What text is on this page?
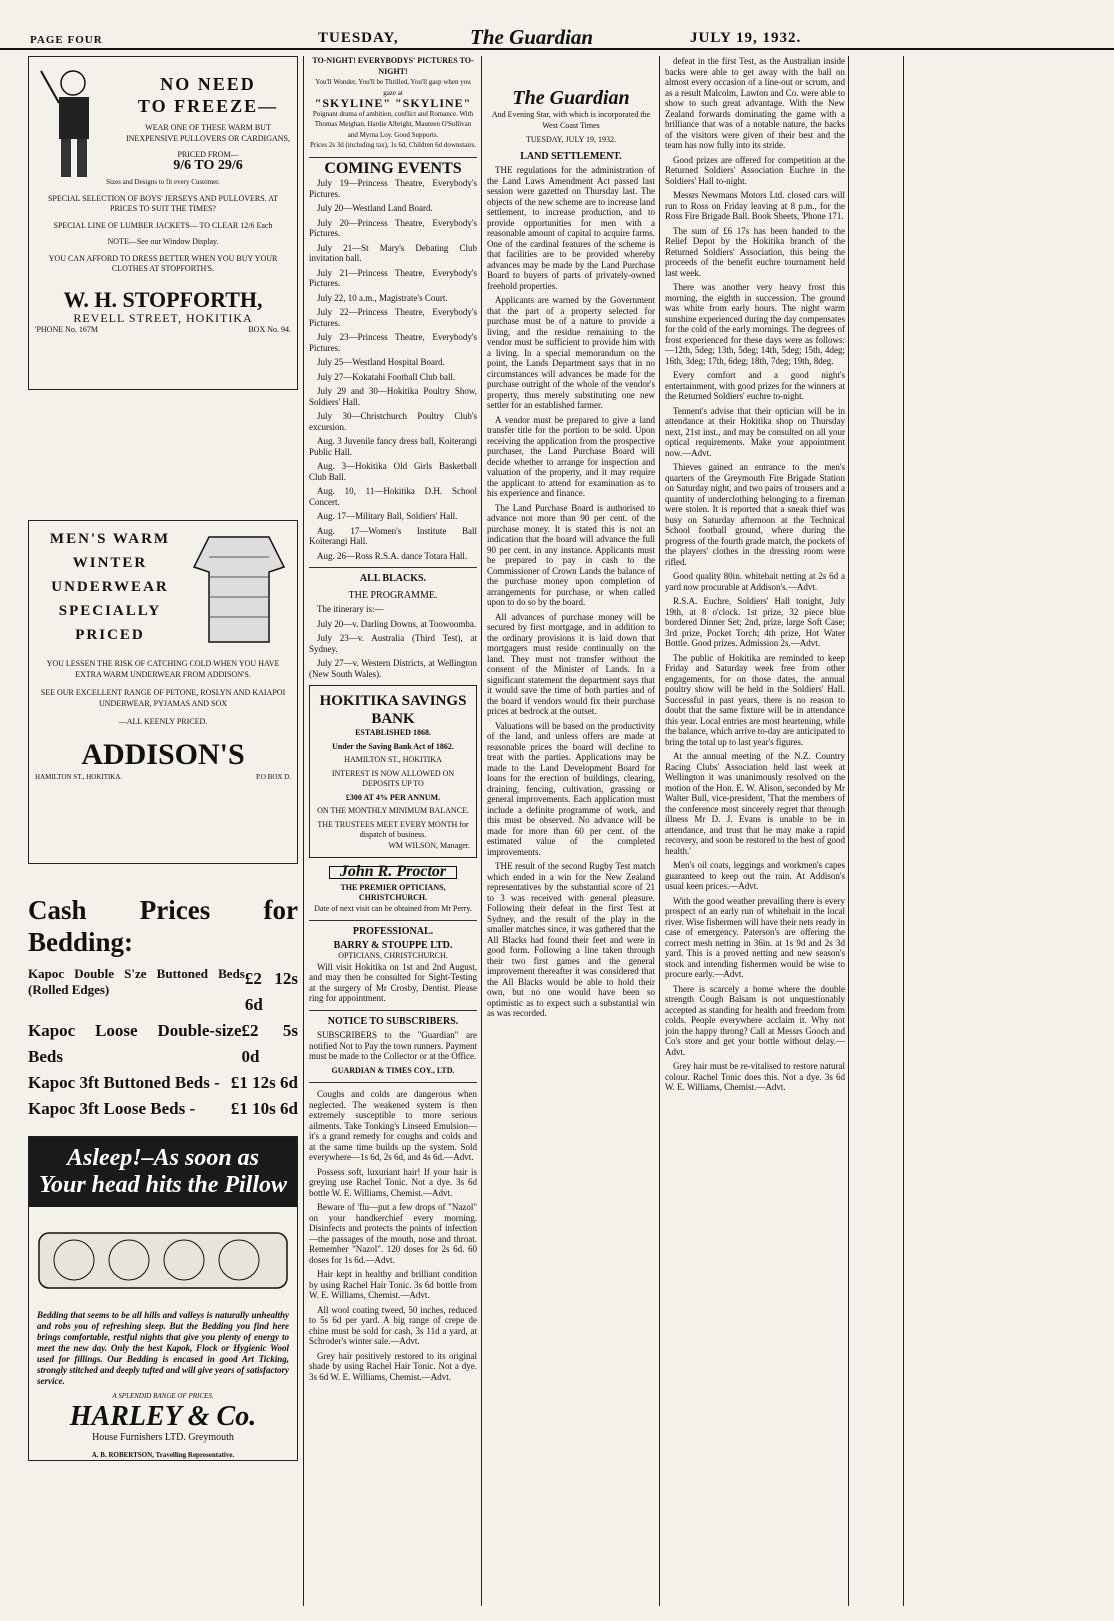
PAGE FOUR	TUESDAY,	The Guardian	JULY 19, 1932.
NO NEED
TO FREEZE—
WEAR ONE OF THESE WARM BUT INEXPENSIVE PULLOVERS OR CARDIGANS,
PRICED FROM—
9/6 TO 29/6
Sizes and Designs to fit every Customer.
SPECIAL SELECTION OF BOYS' JERSEYS AND PULLOVERS. AT PRICES TO SUIT THE TIMES?
SPECIAL LINE OF LUMBER JACKETS— TO CLEAR 12/6 Each
NOTE—See our Window Display.
YOU CAN AFFORD TO DRESS BETTER WHEN YOU BUY YOUR CLOTHES AT STOPFORTH'S.
W. H. STOPFORTH,
REVELL STREET, HOKITIKA
'PHONE No. 167M	BOX No. 94.
MEN'S WARM
WINTER
UNDERWEAR
SPECIALLY
PRICED
YOU LESSEN THE RISK OF CATCHING COLD WHEN YOU HAVE EXTRA WARM UNDERWEAR FROM ADDISON'S.
SEE OUR EXCELLENT RANGE OF PETONE, ROSLYN AND KAIAPOI UNDERWEAR, PYJAMAS AND SOX
—ALL KEENLY PRICED.
ADDISON'S
HAMILTON ST., HOKITIKA.	P.O BOX D.
Cash Prices for Bedding:
Kapoc Double S'ze Buttoned Beds (Rolled Edges)
£2 12s 6d
Kapoc Loose Double-size Beds
£2 5s 0d
Kapoc 3ft Buttoned Beds - £1 12s 6d
Kapoc 3ft Loose Beds - £1 10s 6d
Asleep!–As soon as
Your head hits the Pillow
Bedding that seems to be all hills and valleys is naturally unhealthy and robs you of refreshing sleep. But the Bedding you find here brings comfortable, restful nights that give you plenty of energy to meet the new day. Only the best Kapok, Flock or Hygienic Wool used for fillings. Our Bedding is encased in good Art Ticking, strongly stitched and deeply tufted and will give years of satisfactory service.
A SPLENDID RANGE OF PRICES.
HARLEY & Co.
House Furnishers LTD. Greymouth
A. B. ROBERTSON, Travelling Representative.
TO-NIGHT! EVERYBODYS' PICTURES TO-NIGHT!
You'll Wonder, You'll be Thrilled, You'll gasp when you gaze at
"SKYLINE" "SKYLINE"
Poignant drama of ambition, conflict and Romance. With Thomas Meighan, Hardie Albright, Maureen O'Sullivan and Myrna Loy. Good Supports.
Prices 2s 3d (including tax), 1s 6d, Children 6d downstairs.
COMING EVENTS

July 19—Princess Theatre, Everybody's Pictures.

July 20—Westland Land Board.

July 20—Princess Theatre, Everybody's Pictures.

July 21—St Mary's Debating Club invitation ball.

July 21—Princess Theatre, Everybody's Pictures.

July 22, 10 a.m., Magistrate's Court.

July 22—Princess Theatre, Everybody's Pictures.

July 23—Princess Theatre, Everybody's Pictures.

July 25—Westland Hospital Board.

July 27—Kokatahi Football Club ball.

July 29 and 30—Hokitika Poultry Show, Soldiers' Hall.

July 30—Christchurch Poultry Club's excursion.

Aug. 3 Juvenile fancy dress ball, Koiterangi Public Hall.

Aug. 3—Hokitika Old Girls Basketball Club Ball.

Aug. 10, 11—Hokitika D.H. School Concert.

Aug. 17—Military Ball, Soldiers' Hall.

Aug. 17—Women's Institute Ball Koiterangi Hall.

Aug. 26—Ross R.S.A. dance Totara Hall.

ALL BLACKS.
THE PROGRAMME.

The itinerary is:—

July 20—v. Darling Downs, at Toowoomba.

July 23—v. Australia (Third Test), at Sydney.

July 27—v. Western Districts, at Wellington (New South Wales).

HOKITIKA SAVINGS BANK
ESTABLISHED 1868.
Under the Saving Bank Act of 1862.
HAMILTON ST., HOKITIKA
INTEREST IS NOW ALLOWED ON DEPOSITS UP TO
£300 AT 4% PER ANNUM.
ON THE MONTHLY MINIMUM BALANCE.
THE TRUSTEES MEET EVERY MONTH for dispatch of business.
WM WILSON, Manager.
John R. Proctor
THE PREMIER OPTICIANS, CHRISTCHURCH.
Date of next visit can be obtained from Mr Perry.
PROFESSIONAL.
BARRY & STOUPPE LTD.
OPTICIANS, CHRISTCHURCH.

Will visit Hokitika on 1st and 2nd August, and may then be consulted for Sight-Testing at the surgery of Mr Crosby, Dentist. Please ring for appointment.

NOTICE TO SUBSCRIBERS.

SUBSCRIBERS to the "Guardian" are notified Not to Pay the town runners. Payment must be made to the Collector or at the Office.

GUARDIAN & TIMES COY., LTD.

Coughs and colds are dangerous when neglected. The weakened system is then extremely susceptible to more serious ailments. Take Tonking's Linseed Emulsion—it's a grand remedy for coughs and colds and at the same time builds up the system. Sold everywhere—1s 6d, 2s 6d, and 4s 6d.—Advt.

Possess soft, luxuriant hair! If your hair is greying use Rachel Tonic. Not a dye. 3s 6d bottle W. E. Williams, Chemist.—Advt.

Beware of 'flu—put a few drops of "Nazol" on your handkerchief every morning. Disinfects and protects the points of infection—the passages of the mouth, nose and throat. Remember "Nazol". 120 doses for 2s 6d. 60 doses for 1s 6d.—Advt.

Hair kept in healthy and brilliant condition by using Rachel Hair Tonic. 3s 6d bottle from W. E. Williams, Chemist.—Advt.

All wool coating tweed, 50 inches, reduced to 5s 6d per yard. A big range of crepe de chine must be sold for cash, 3s 11d a yard, at Schroder's winter sale.—Advt.

Grey hair positively restored to its original shade by using Rachel Hair Tonic. Not a dye. 3s 6d W. E. Williams, Chemist.—Advt.

The Guardian
And Evening Star, with which is incorporated the West Coast Times
TUESDAY, JULY 19, 1932.
LAND SETTLEMENT.

THE regulations for the administration of the Land Laws Amendment Act passed last session were gazetted on Thursday last. The objects of the new scheme are to increase land settlement, to increase production, and to provide opportunities for men with a reasonable amount of capital to acquire farms. One of the cardinal features of the scheme is that facilities are to be provided whereby advances may be made by the Land Purchase Board to buyers of parts of privately-owned freehold properties.

Applicants are warned by the Government that the part of a property selected for purchase must be of a nature to provide a living, and the residue remaining to the vendor must be sufficient to provide him with a living. In a special memorandum on the point, the Lands Department says that in no circumstances will advances be made for the purchase outright of the whole of the vendor's property, thus merely substituting one new settler for an established farmer.

A vendor must be prepared to give a land transfer title for the portion to be sold. Upon receiving the application from the prospective purchaser, the Land Purchase Board will decide whether to arrange for inspection and valuation of the property, and it may require the applicant to attend for examination as to his experience and finance.

The Land Purchase Board is authorised to advance not more than 90 per cent. of the purchase money. It is stated this is not an indication that the board will advance the full 90 per cent. in any instance. Applicants must be prepared to pay in cash to the Commissioner of Crown Lands the balance of the purchase money upon completion of arrangements for purchase, or when called upon to do so by the board.

All advances of purchase money will be secured by first mortgage, and in addition to the ordinary provisions it is laid down that mortgagers must reside continually on the land. They must not transfer without the consent of the Minister of Lands. In a significant statement the department says that it would save the time of both parties and of the board if vendors would fix their purchase prices at bedrock at the outset.

Valuations will be based on the productivity of the land, and unless offers are made at reasonable prices the board will decline to treat with the parties. Applications may be made to the Land Development Board for loans for the erection of buildings, clearing, draining, fencing, cultivation, grassing or general improvements. Each application must include a definite programme of work, and this must be observed. No advance will be made for more than 60 per cent. of the estimated value of the completed improvements.

THE result of the second Rugby Test match which ended in a win for the New Zealand representatives by the substantial score of 21 to 3 was received with general pleasure. Following their defeat in the first Test at Sydney, and the result of the play in the smaller matches since, it was gathered that the All Blacks had found their feet and were in good form. Following a line taken through their two first games and the general improvement thereafter it was considered that the All Blacks would be able to hold their own, but no one would have been so optimistic as to expect such a substantial win as was recorded.

defeat in the first Test, as the Australian inside backs were able to get away with the ball on almost every occasion of a line-out or scrum, and as a result Malcolm, Lawton and Co. were able to show to such great advantage. With the New Zealand forwards dominating the game with a brilliance that was of a notable nature, the backs of the visitors were given of their best and the team has now fully into its stride.

Good prizes are offered for competition at the Returned Soldiers' Association Euchre in the Soldiers' Hall to-night.

Messrs Newmans Motors Ltd. closed cars will run to Ross on Friday leaving at 8 p.m., for the Ross Fire Brigade Ball. Book Sheets, 'Phone 171.

The sum of £6 17s has been handed to the Relief Depot by the Hokitika branch of the Returned Soldiers' Association, this being the proceeds of the benefit euchre tournament held last week.

There was another very heavy frost this morning, the eighth in succession. The ground was white from early hours. The night warm sunshine experienced during the day compensates for the cold of the early mornings. The degrees of frost experienced for these days were as follows:—12th, 5deg; 13th, 5deg; 14th, 5deg; 15th, 4deg; 16th, 3deg; 17th, 6deg; 18th, 7deg; 19th, 8deg.

Every comfort and a good night's entertainment, with good prizes for the winners at the Returned Soldiers' euchre to-night.

Tennent's advise that their optician will be in attendance at their Hokitika shop on Thursday next, 21st inst., and may be consulted on all your optical requirements. Make your appointment now.—Advt.

Thieves gained an entrance to the men's quarters of the Greymouth Fire Brigade Station on Saturday night, and two pairs of trousers and a quantity of underclothing belonging to a fireman were stolen. It is reported that a sneak thief was busy on Saturday afternoon at the Technical School football ground, where during the progress of the fourth grade match, the pockets of the players' clothes in the dressing room were rifled.

Good quality 80in. whitebait netting at 2s 6d a yard now procurable at Addison's.—Advt.

R.S.A. Euchre, Soldiers' Hall tonight, July 19th, at 8 o'clock. 1st prize, 32 piece blue bordered Dinner Set; 2nd, prize, large Soft Case; 3rd prize, Pocket Torch; 4th prize, Hot Water Bottle. Good prizes. Admission 2s.—Advt.

The public of Hokitika are reminded to keep Friday and Saturday week free from other engagements, for on those dates, the annual poultry show will be held in the Soldiers' Hall. Successful in past years, there is no reason to doubt that the same fixture will be in attendance this year. Local entries are most heartening, while the balance, which arrive to-day are anticipated to bring the total up to last year's figures.

At the annual meeting of the N.Z. Country Racing Clubs' Association held last week at Wellington it was unanimously resolved on the motion of the Hon. E. W. Alison, seconded by Mr Walter Bull, vice-president, 'That the members of the conference most sincerely regret that through illness Mr D. J. Evans is unable to be in attendance, and trust that he may make a rapid recovery, and soon be restored to the best of good health.'

Men's oil coats, leggings and workmen's capes guaranteed to keep out the rain. At Addison's usual keen prices.—Advt.

With the good weather prevailing there is every prospect of an early run of whitebait in the local river. Wise fishermen will have their nets ready in case of emergency. Paterson's are offering the correct mesh netting in 36in. at 1s 9d and 2s 3d yard. This is a proved netting and new season's stock and intending fishermen would be wise to procure early.—Advt.

There is scarcely a home where the double strength Cough Balsam is not unquestionably accepted as standing for health and freedom from colds. People everywhere acclaim it. Why not join the happy throng? Call at Messrs Gooch and Co's store and get your bottle without delay.—Advt.

Grey hair must be re-vitalised to restore natural colour. Rachel Tonic does this. Not a dye. 3s 6d W. E. Williams, Chemist.—Advt.
